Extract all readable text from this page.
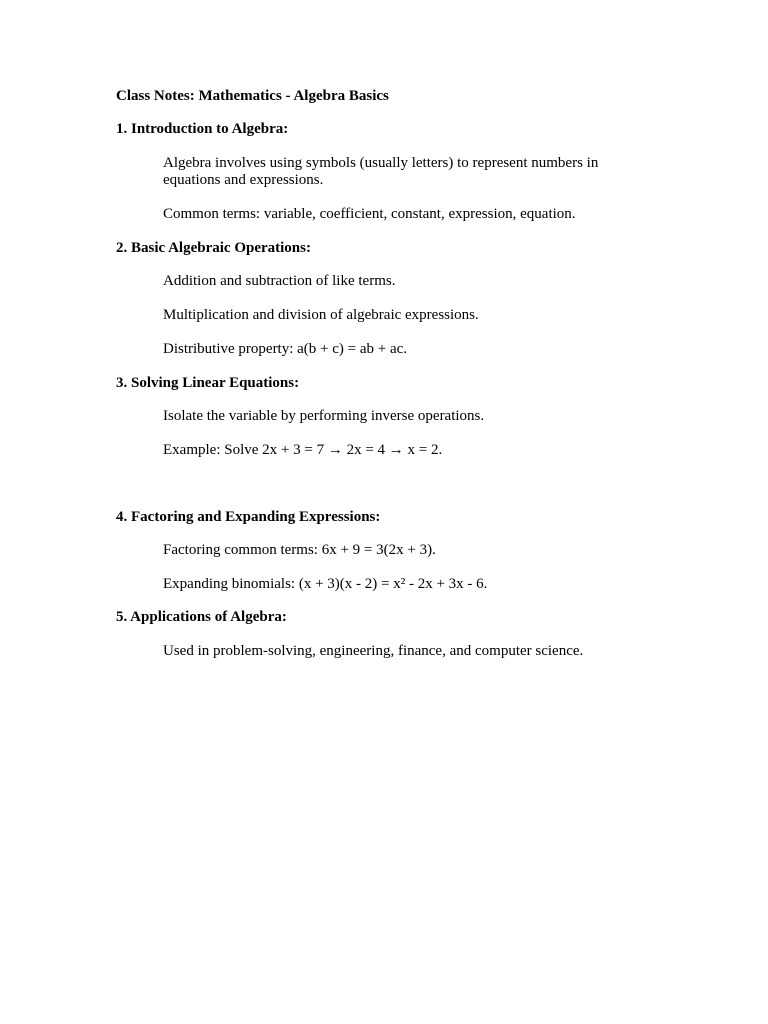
Class Notes: Mathematics - Algebra Basics
1. Introduction to Algebra:
Algebra involves using symbols (usually letters) to represent numbers in equations and expressions.
Common terms: variable, coefficient, constant, expression, equation.
2. Basic Algebraic Operations:
Addition and subtraction of like terms.
Multiplication and division of algebraic expressions.
Distributive property: a(b + c) = ab + ac.
3. Solving Linear Equations:
Isolate the variable by performing inverse operations.
Example: Solve 2x + 3 = 7 → 2x = 4 → x = 2.
4. Factoring and Expanding Expressions:
Factoring common terms: 6x + 9 = 3(2x + 3).
Expanding binomials: (x + 3)(x - 2) = x² - 2x + 3x - 6.
5. Applications of Algebra:
Used in problem-solving, engineering, finance, and computer science.
